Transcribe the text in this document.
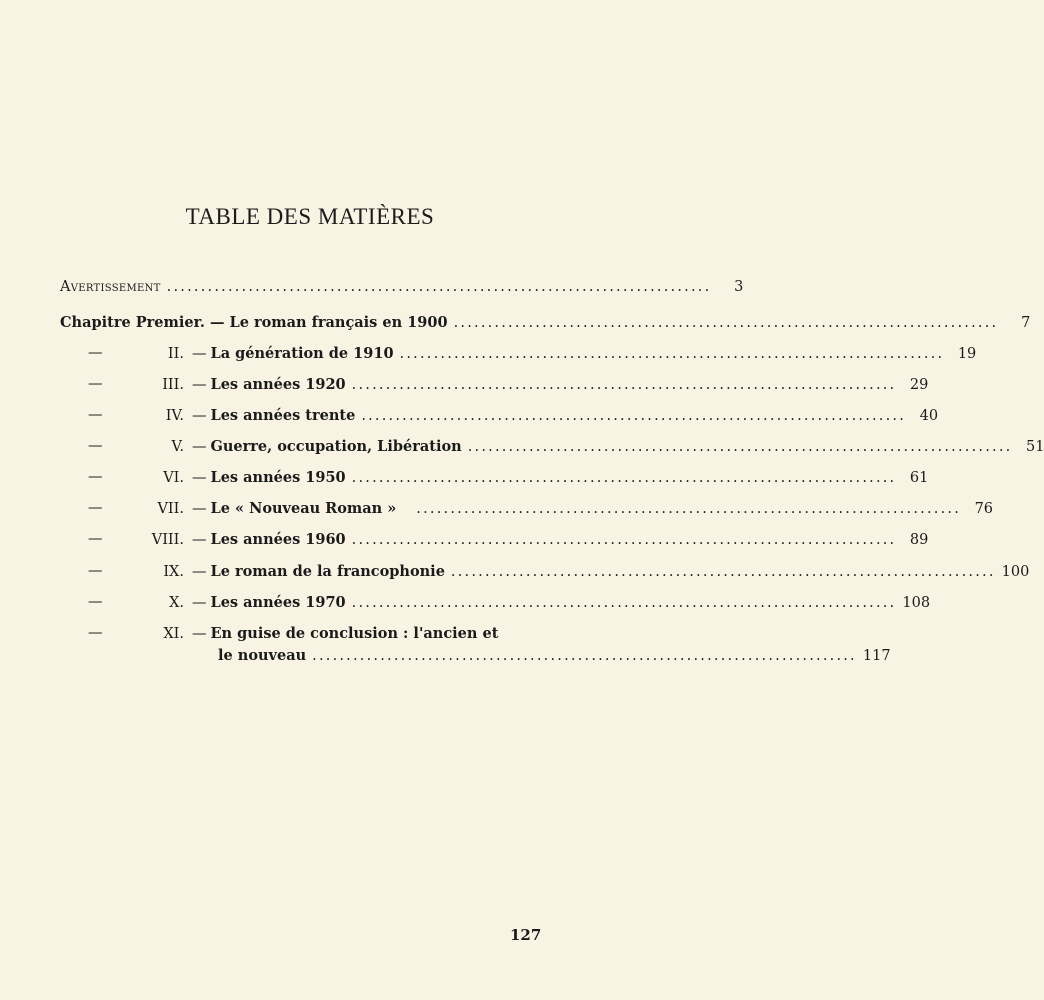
TABLE DES MATIÈRES
Avertissement ................................................................................	3
Chapitre Premier. — Le roman français en 1900 ................................................................................	7
—	II. — La génération de 1910 ................................................................................ 19
—	III. — Les années 1920 ................................................................................ 29
—	IV. — Les années trente ................................................................................ 40
—	V. — Guerre, occupation, Libération ................................................................................ 51
—	VI. — Les années 1950 ................................................................................ 61
—	VII. — Le « Nouveau Roman » ................................................................................ 76
—	VIII. — Les années 1960 ................................................................................ 89
—	IX. — Le roman de la francophonie ................................................................................ 100
—	X. — Les années 1970 ................................................................................ 108
—	XI. — En guise de conclusion : l'ancien et
le nouveau ................................................................................ 117
127
